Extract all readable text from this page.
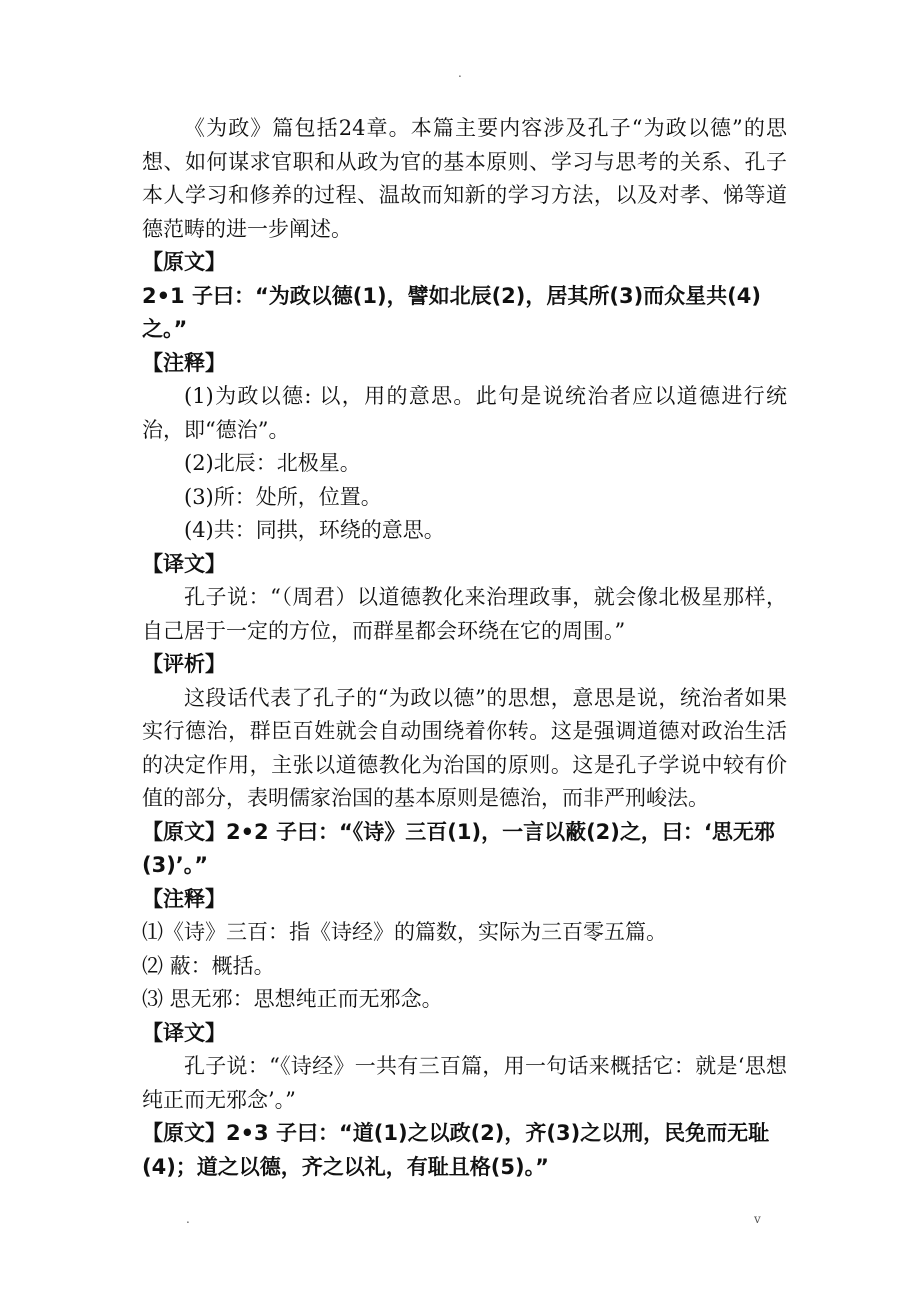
.

《为政》篇包括24章。本篇主要内容涉及孔子“为政以德”的思想、如何谋求官职和从政为官的基本原则、学习与思考的关系、孔子本人学习和修养的过程、温故而知新的学习方法，以及对孝、悌等道德范畴的进一步阐述。

【原文】

2•1 子曰：“为政以德(1)，譬如北辰(2)，居其所(3)而众星共(4)之。”

【注释】

(1)为政以德: 以，用的意思。此句是说统治者应以道德进行统治，即“德治”。

(2)北辰：北极星。

(3)所：处所，位置。

(4)共：同拱，环绕的意思。

【译文】

孔子说：“（周君）以道德教化来治理政事，就会像北极星那样，自己居于一定的方位，而群星都会环绕在它的周围。”

【评析】

这段话代表了孔子的“为政以德”的思想，意思是说，统治者如果实行德治，群臣百姓就会自动围绕着你转。这是强调道德对政治生活的决定作用，主张以道德教化为治国的原则。这是孔子学说中较有价值的部分，表明儒家治国的基本原则是德治，而非严刑峻法。

【原文】2•2 子曰：“《诗》三百(1)，一言以蔽(2)之，曰：‘思无邪(3)’。”

【注释】

⑴《诗》三百：指《诗经》的篇数，实际为三百零五篇。

⑵ 蔽：概括。

⑶ 思无邪：思想纯正而无邪念。

【译文】

孔子说：“《诗经》一共有三百篇，用一句话来概括它：就是‘思想纯正而无邪念’。”

【原文】2•3 子曰：“道(1)之以政(2)，齐(3)之以刑，民免而无耻(4)；道之以德，齐之以礼，有耻且格(5)。”

.	v
